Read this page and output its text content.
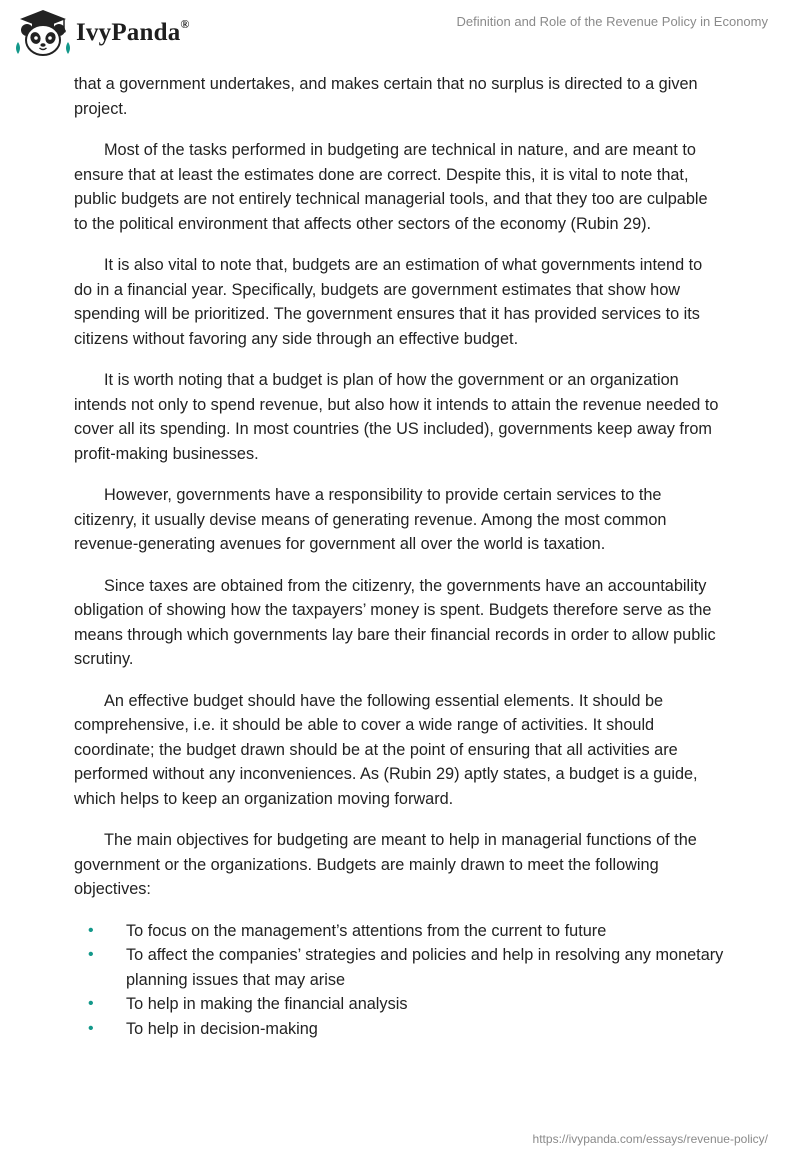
IvyPanda®	Definition and Role of the Revenue Policy in Economy

that a government undertakes, and makes certain that no surplus is directed to a given project.

Most of the tasks performed in budgeting are technical in nature, and are meant to ensure that at least the estimates done are correct. Despite this, it is vital to note that, public budgets are not entirely technical managerial tools, and that they too are culpable to the political environment that affects other sectors of the economy (Rubin 29).

It is also vital to note that, budgets are an estimation of what governments intend to do in a financial year. Specifically, budgets are government estimates that show how spending will be prioritized. The government ensures that it has provided services to its citizens without favoring any side through an effective budget.

It is worth noting that a budget is plan of how the government or an organization intends not only to spend revenue, but also how it intends to attain the revenue needed to cover all its spending. In most countries (the US included), governments keep away from profit-making businesses.

However, governments have a responsibility to provide certain services to the citizenry, it usually devise means of generating revenue. Among the most common revenue-generating avenues for government all over the world is taxation.

Since taxes are obtained from the citizenry, the governments have an accountability obligation of showing how the taxpayers’ money is spent. Budgets therefore serve as the means through which governments lay bare their financial records in order to allow public scrutiny.

An effective budget should have the following essential elements. It should be comprehensive, i.e. it should be able to cover a wide range of activities. It should coordinate; the budget drawn should be at the point of ensuring that all activities are performed without any inconveniences. As (Rubin 29) aptly states, a budget is a guide, which helps to keep an organization moving forward.

The main objectives for budgeting are meant to help in managerial functions of the government or the organizations. Budgets are mainly drawn to meet the following objectives:

• To focus on the management’s attentions from the current to future
• To affect the companies’ strategies and policies and help in resolving any monetary planning issues that may arise
• To help in making the financial analysis
• To help in decision-making
https://ivypanda.com/essays/revenue-policy/
